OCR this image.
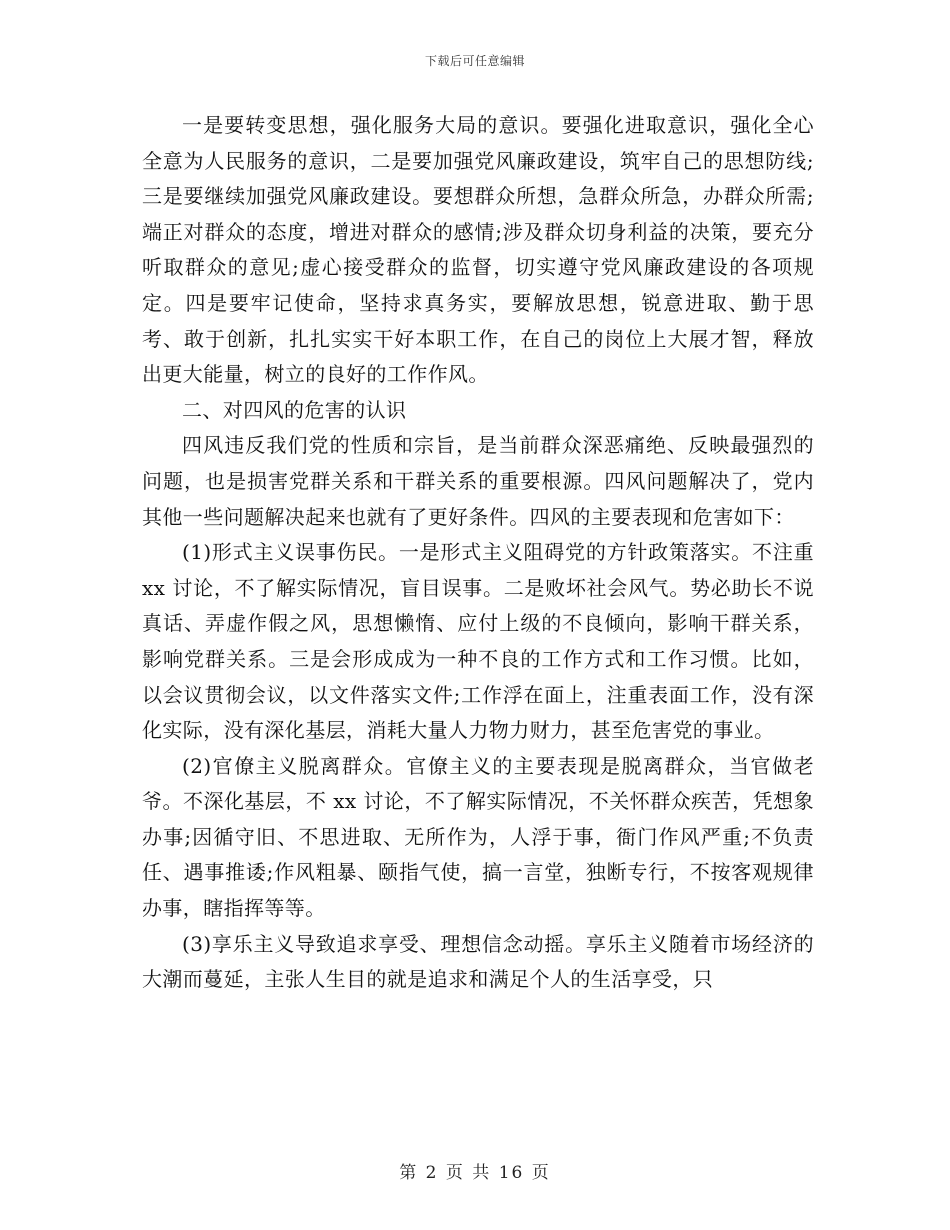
下载后可任意编辑

一是要转变思想，强化服务大局的意识。要强化进取意识，强化全心全意为人民服务的意识，二是要加强党风廉政建设，筑牢自己的思想防线;三是要继续加强党风廉政建设。要想群众所想，急群众所急，办群众所需;端正对群众的态度，增进对群众的感情;涉及群众切身利益的决策，要充分听取群众的意见;虚心接受群众的监督，切实遵守党风廉政建设的各项规定。四是要牢记使命，坚持求真务实，要解放思想，锐意进取、勤于思考、敢于创新，扎扎实实干好本职工作，在自己的岗位上大展才智，释放出更大能量，树立的良好的工作作风。

二、对四风的危害的认识

四风违反我们党的性质和宗旨，是当前群众深恶痛绝、反映最强烈的问题，也是损害党群关系和干群关系的重要根源。四风问题解决了，党内其他一些问题解决起来也就有了更好条件。四风的主要表现和危害如下：

(1)形式主义误事伤民。一是形式主义阻碍党的方针政策落实。不注重 xx 讨论，不了解实际情况，盲目误事。二是败坏社会风气。势必助长不说真话、弄虚作假之风，思想懒惰、应付上级的不良倾向，影响干群关系，影响党群关系。三是会形成成为一种不良的工作方式和工作习惯。比如，以会议贯彻会议，以文件落实文件;工作浮在面上，注重表面工作，没有深化实际，没有深化基层，消耗大量人力物力财力，甚至危害党的事业。

(2)官僚主义脱离群众。官僚主义的主要表现是脱离群众，当官做老爷。不深化基层，不 xx 讨论，不了解实际情况，不关怀群众疾苦，凭想象办事;因循守旧、不思进取、无所作为，人浮于事，衙门作风严重;不负责任、遇事推诿;作风粗暴、颐指气使，搞一言堂，独断专行，不按客观规律办事，瞎指挥等等。

(3)享乐主义导致追求享受、理想信念动摇。享乐主义随着市场经济的大潮而蔓延，主张人生目的就是追求和满足个人的生活享受，只

第 2 页 共 16 页
